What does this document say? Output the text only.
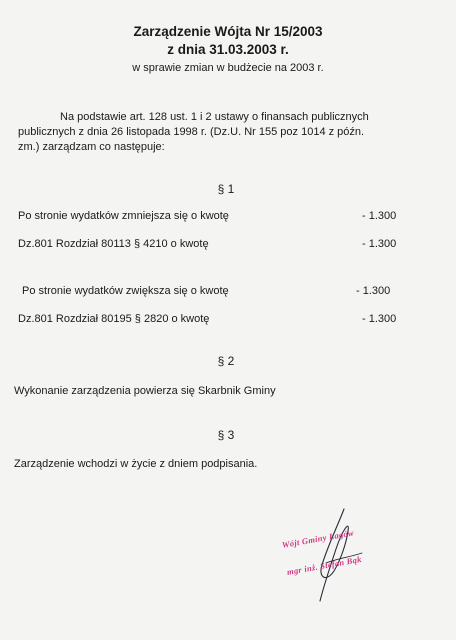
Zarządzenie Wójta Nr 15/2003
z dnia 31.03.2003 r.
w sprawie zmian w budżecie na 2003 r.
Na podstawie art. 128 ust. 1 i 2 ustawy o finansach publicznych
publicznych z dnia 26 listopada 1998 r. (Dz.U. Nr 155 poz 1014 z późn.
zm.) zarządzam co następuje:
§ 1
Po stronie wydatków zmniejsza się o kwotę	- 1.300
Dz.801 Rozdział 80113 § 4210 o kwotę	- 1.300
Po stronie wydatków zwiększa się o kwotę	- 1.300
Dz.801 Rozdział 80195 § 2820 o kwotę	- 1.300
§ 2
Wykonanie zarządzenia powierza się Skarbnik Gminy
§ 3
Zarządzenie wchodzi w życie z dniem podpisania.
Wójt Gminy Łagów
mgr inż. Stefan Bąk
